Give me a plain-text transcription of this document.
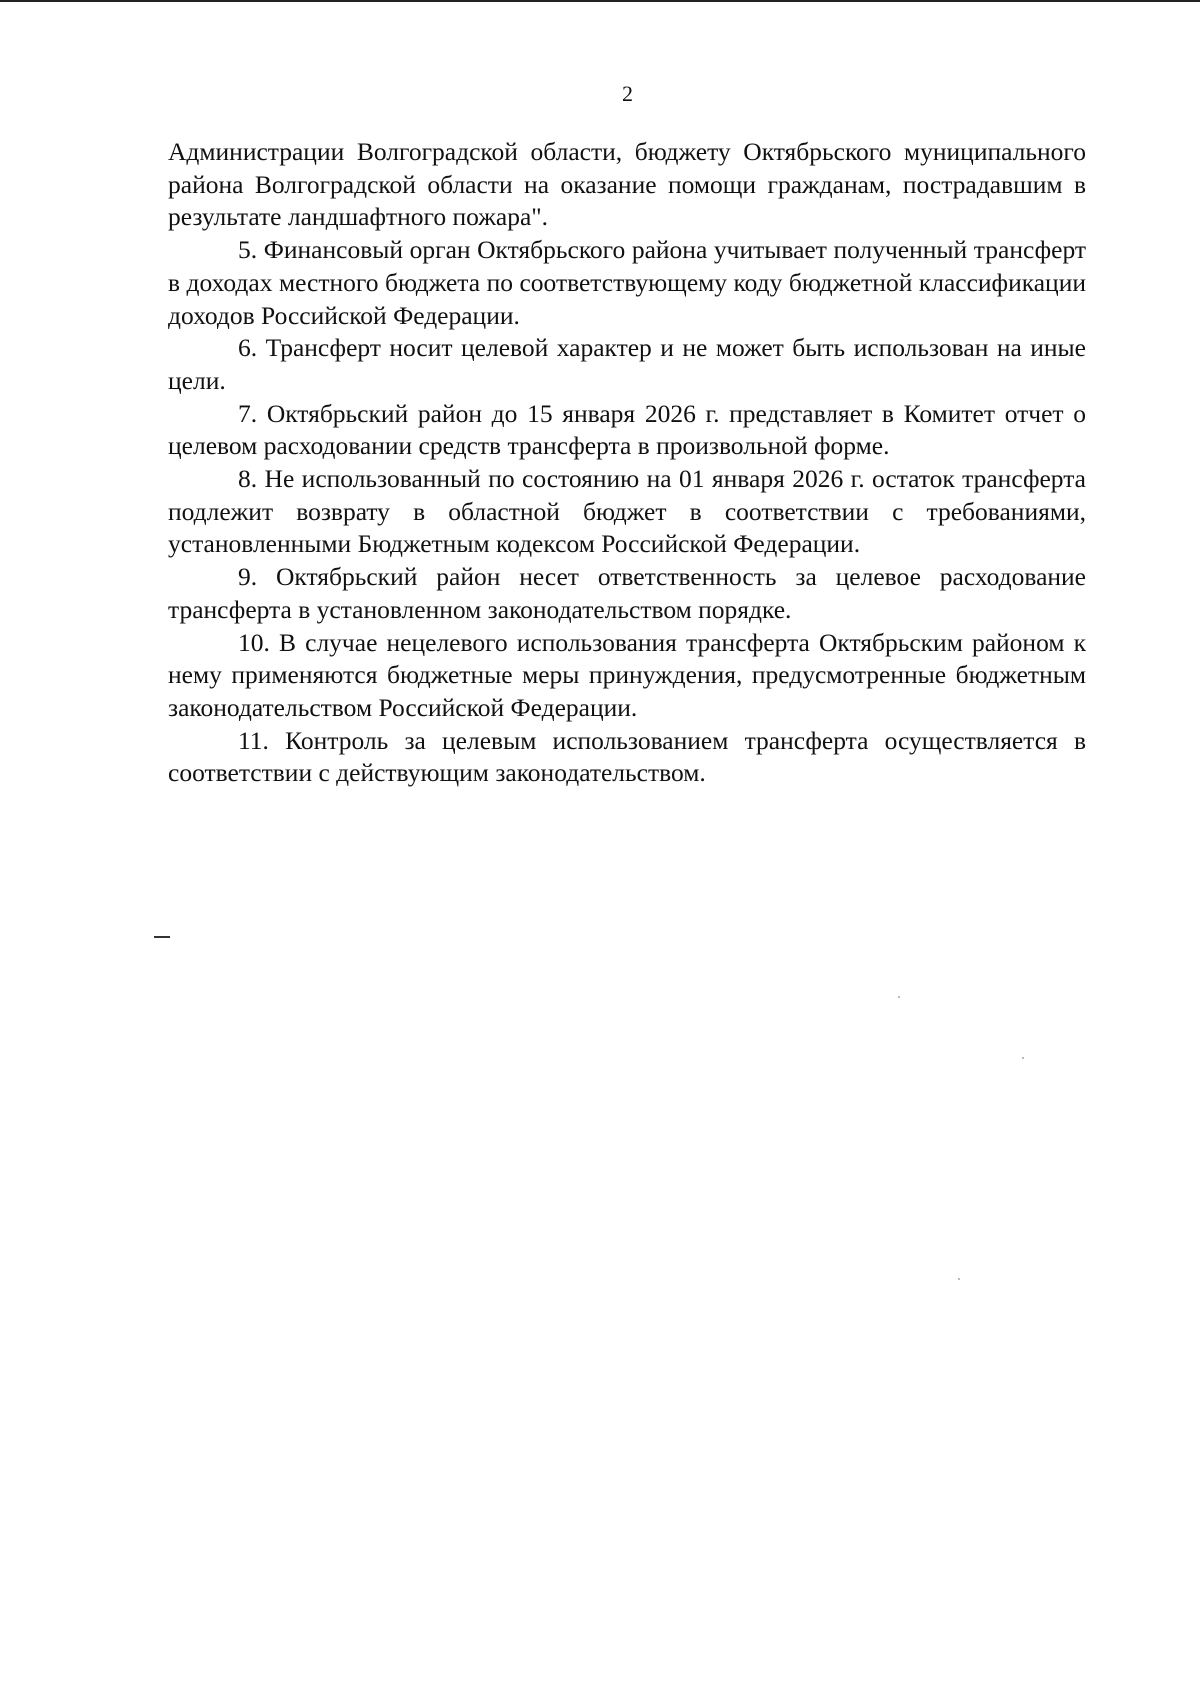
2

Администрации Волгоградской области, бюджету Октябрьского муниципального района Волгоградской области на оказание помощи гражданам, пострадавшим в результате ландшафтного пожара".

5. Финансовый орган Октябрьского района учитывает полученный трансферт в доходах местного бюджета по соответствующему коду бюджетной классификации доходов Российской Федерации.

6. Трансферт носит целевой характер и не может быть использован на иные цели.

7. Октябрьский район до 15 января 2026 г. представляет в Комитет отчет о целевом расходовании средств трансферта в произвольной форме.

8. Не использованный по состоянию на 01 января 2026 г. остаток трансферта подлежит возврату в областной бюджет в соответствии с требованиями, установленными Бюджетным кодексом Российской Федерации.

9. Октябрьский район несет ответственность за целевое расходование трансферта в установленном законодательством порядке.

10. В случае нецелевого использования трансферта Октябрьским районом к нему применяются бюджетные меры принуждения, предусмотренные бюджетным законодательством Российской Федерации.

11. Контроль за целевым использованием трансферта осуществляется в соответствии с действующим законодательством.
